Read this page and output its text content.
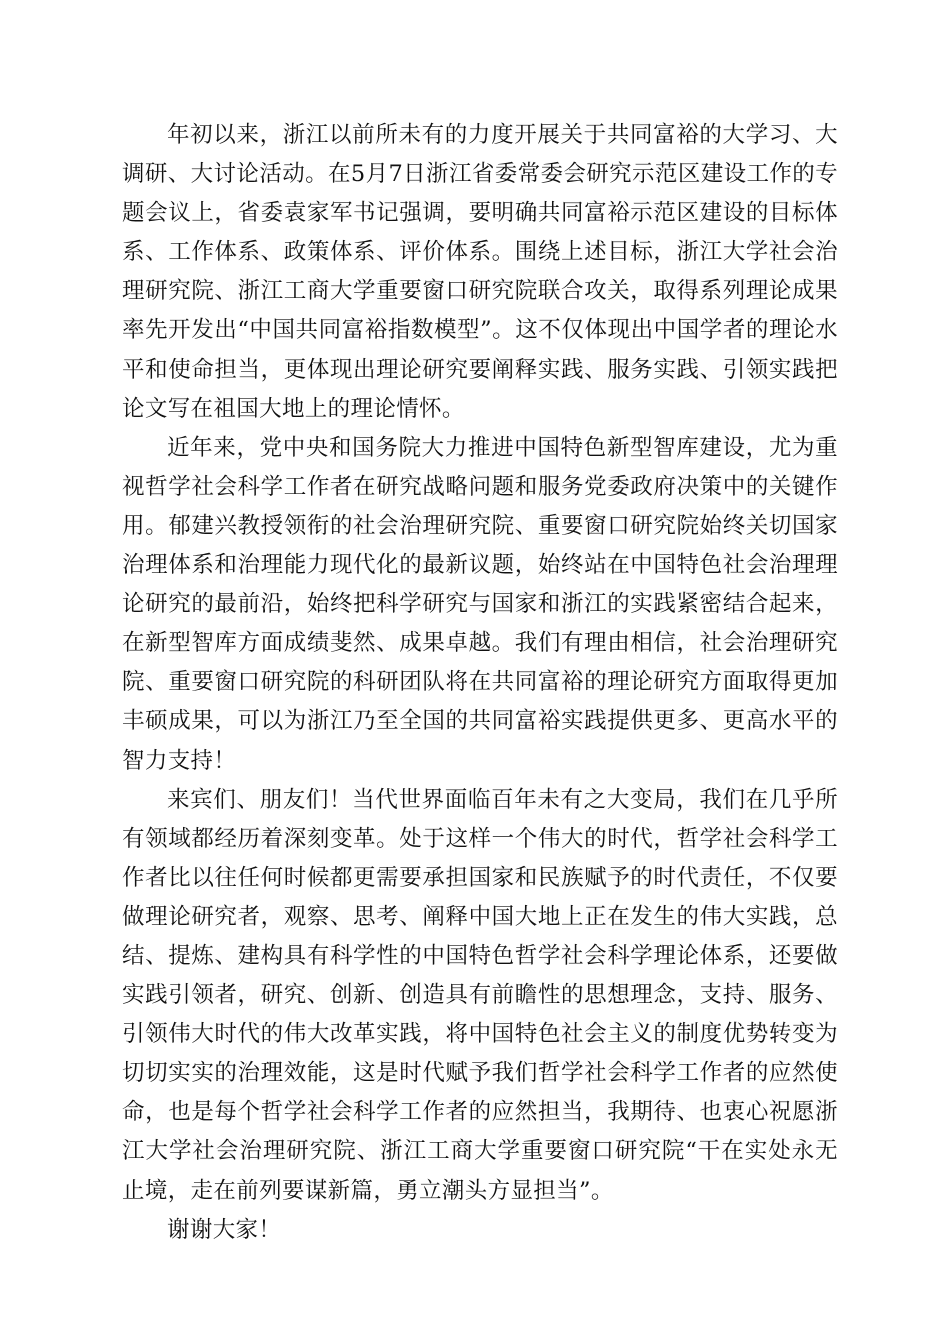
年初以来，浙江以前所未有的力度开展关于共同富裕的大学习、大调研、大讨论活动。在5月7日浙江省委常委会研究示范区建设工作的专题会议上，省委袁家军书记强调，要明确共同富裕示范区建设的目标体系、工作体系、政策体系、评价体系。围绕上述目标，浙江大学社会治理研究院、浙江工商大学重要窗口研究院联合攻关，取得系列理论成果率先开发出“中国共同富裕指数模型”。这不仅体现出中国学者的理论水平和使命担当，更体现出理论研究要阐释实践、服务实践、引领实践把论文写在祖国大地上的理论情怀。

近年来，党中央和国务院大力推进中国特色新型智库建设，尤为重视哲学社会科学工作者在研究战略问题和服务党委政府决策中的关键作用。郁建兴教授领衔的社会治理研究院、重要窗口研究院始终关切国家治理体系和治理能力现代化的最新议题，始终站在中国特色社会治理理论研究的最前沿，始终把科学研究与国家和浙江的实践紧密结合起来，在新型智库方面成绩斐然、成果卓越。我们有理由相信，社会治理研究院、重要窗口研究院的科研团队将在共同富裕的理论研究方面取得更加丰硕成果，可以为浙江乃至全国的共同富裕实践提供更多、更高水平的智力支持！

来宾们、朋友们！当代世界面临百年未有之大变局，我们在几乎所有领域都经历着深刻变革。处于这样一个伟大的时代，哲学社会科学工作者比以往任何时候都更需要承担国家和民族赋予的时代责任，不仅要做理论研究者，观察、思考、阐释中国大地上正在发生的伟大实践，总结、提炼、建构具有科学性的中国特色哲学社会科学理论体系，还要做实践引领者，研究、创新、创造具有前瞻性的思想理念，支持、服务、引领伟大时代的伟大改革实践，将中国特色社会主义的制度优势转变为切切实实的治理效能，这是时代赋予我们哲学社会科学工作者的应然使命，也是每个哲学社会科学工作者的应然担当，我期待、也衷心祝愿浙江大学社会治理研究院、浙江工商大学重要窗口研究院“干在实处永无止境，走在前列要谋新篇，勇立潮头方显担当”。

谢谢大家！
